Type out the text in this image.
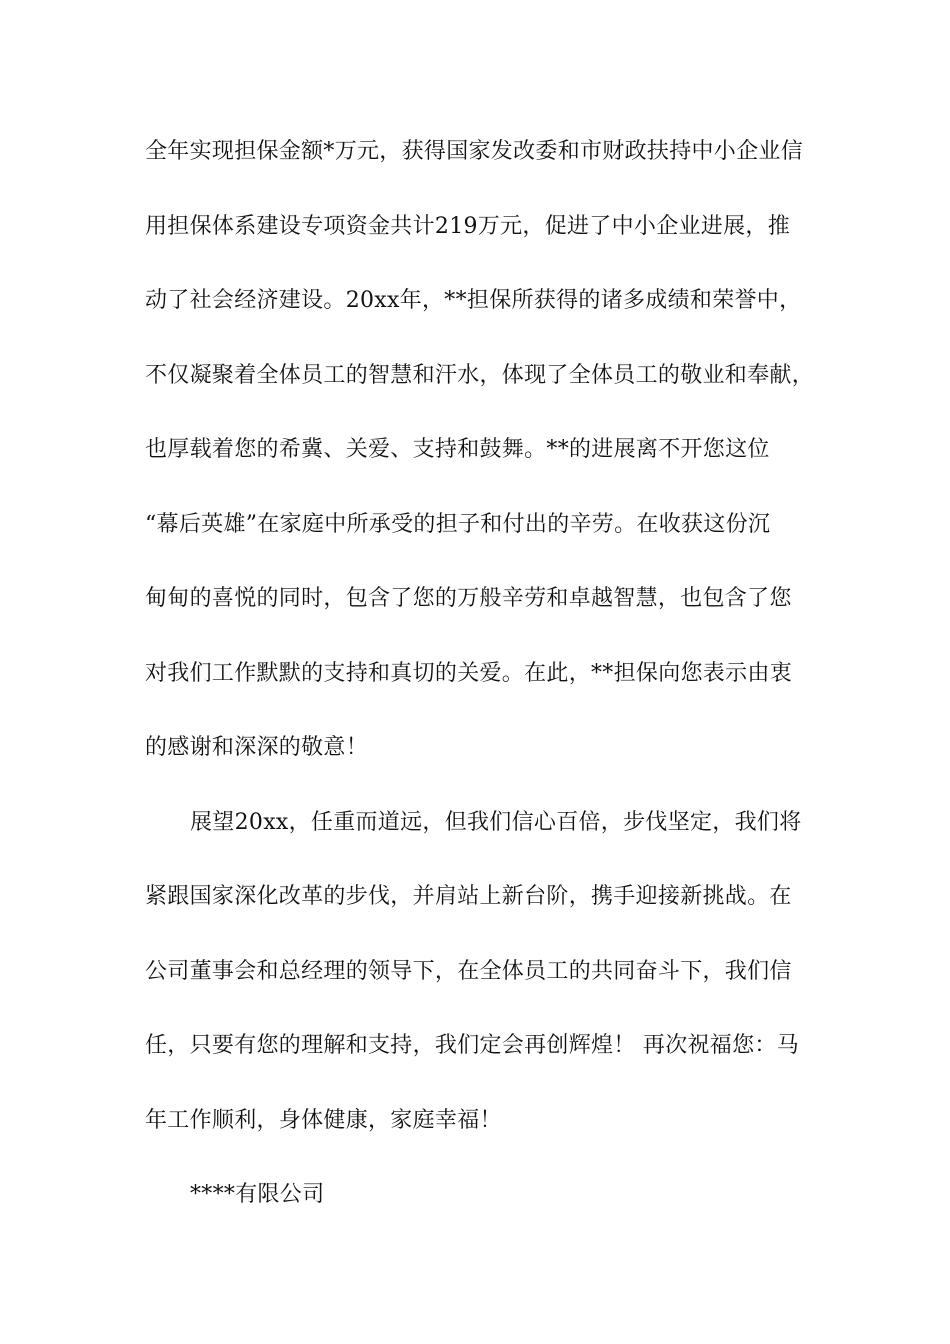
全年实现担保金额*万元，获得国家发改委和市财政扶持中小企业信
用担保体系建设专项资金共计219万元，促进了中小企业进展，推
动了社会经济建设。20xx年，**担保所获得的诸多成绩和荣誉中，
不仅凝聚着全体员工的智慧和汗水，体现了全体员工的敬业和奉献，
也厚载着您的希冀、关爱、支持和鼓舞。**的进展离不开您这位
“幕后英雄”在家庭中所承受的担子和付出的辛劳。在收获这份沉
甸甸的喜悦的同时，包含了您的万般辛劳和卓越智慧，也包含了您
对我们工作默默的支持和真切的关爱。在此，**担保向您表示由衷
的感谢和深深的敬意！
展望20xx，任重而道远，但我们信心百倍，步伐坚定，我们将
紧跟国家深化改革的步伐，并肩站上新台阶，携手迎接新挑战。在
公司董事会和总经理的领导下，在全体员工的共同奋斗下，我们信
任，只要有您的理解和支持，我们定会再创辉煌！ 再次祝福您：马
年工作顺利，身体健康，家庭幸福！
****有限公司
